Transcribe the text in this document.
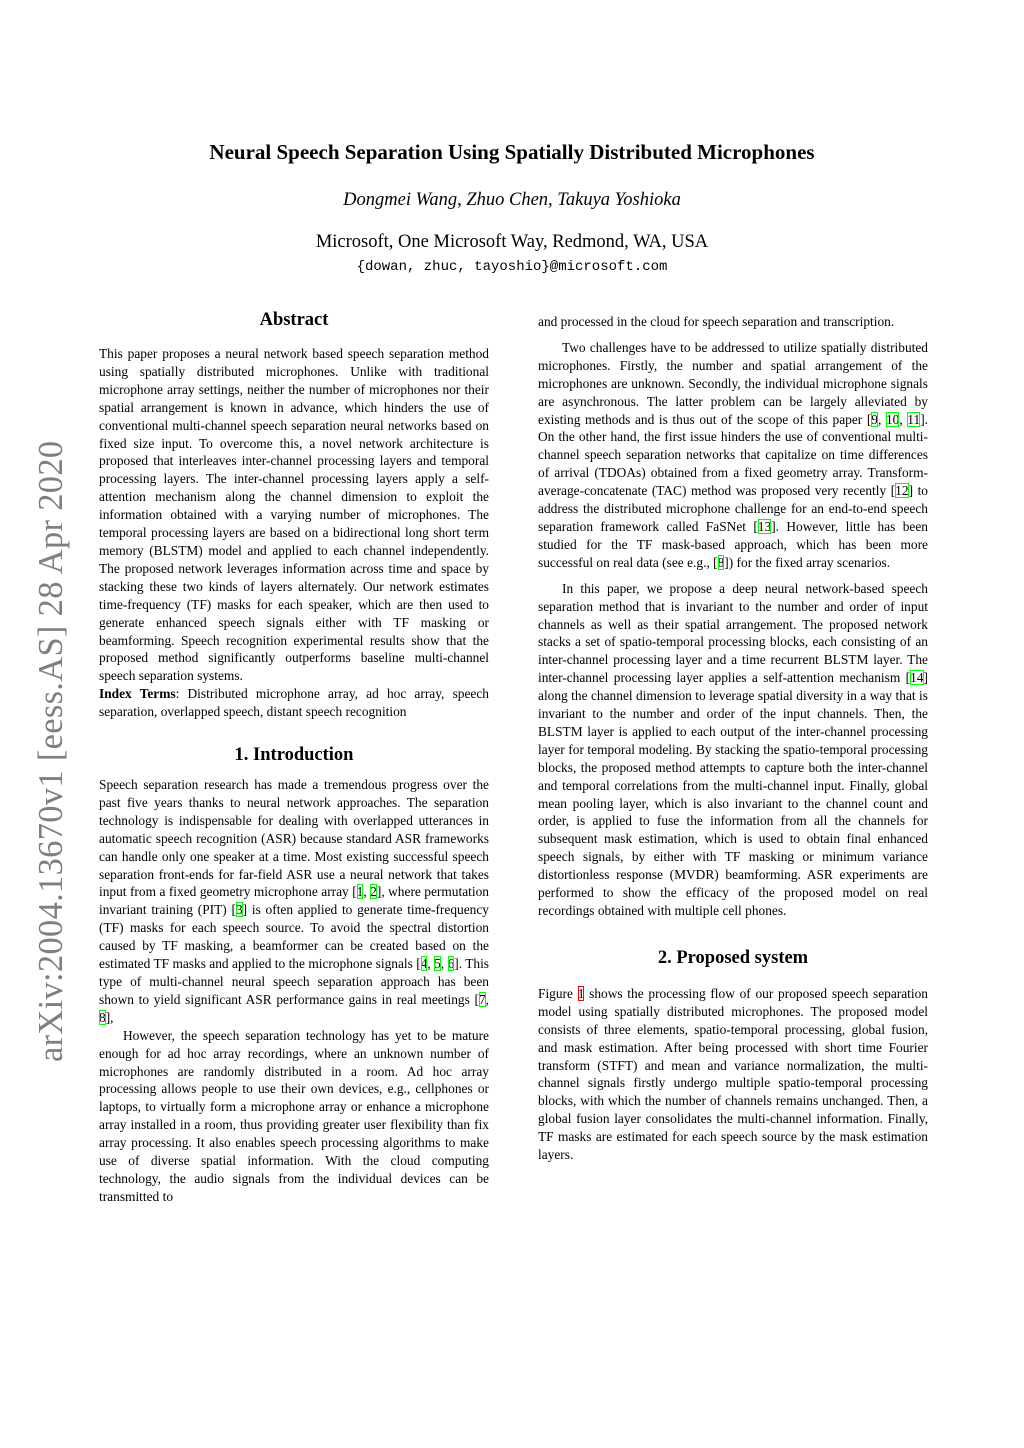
arXiv:2004.13670v1 [eess.AS] 28 Apr 2020
Neural Speech Separation Using Spatially Distributed Microphones
Dongmei Wang, Zhuo Chen, Takuya Yoshioka
Microsoft, One Microsoft Way, Redmond, WA, USA
{dowan, zhuc, tayoshio}@microsoft.com
Abstract

This paper proposes a neural network based speech separation method using spatially distributed microphones. Unlike with traditional microphone array settings, neither the number of microphones nor their spatial arrangement is known in advance, which hinders the use of conventional multi-channel speech separation neural networks based on fixed size input. To overcome this, a novel network architecture is proposed that interleaves inter-channel processing layers and temporal processing layers. The inter-channel processing layers apply a self-attention mechanism along the channel dimension to exploit the information obtained with a varying number of microphones. The temporal processing layers are based on a bidirectional long short term memory (BLSTM) model and applied to each channel independently. The proposed network leverages information across time and space by stacking these two kinds of layers alternately. Our network estimates time-frequency (TF) masks for each speaker, which are then used to generate enhanced speech signals either with TF masking or beamforming. Speech recognition experimental results show that the proposed method significantly outperforms baseline multi-channel speech separation systems.

Index Terms: Distributed microphone array, ad hoc array, speech separation, overlapped speech, distant speech recognition

1. Introduction

Speech separation research has made a tremendous progress over the past five years thanks to neural network approaches. The separation technology is indispensable for dealing with overlapped utterances in automatic speech recognition (ASR) because standard ASR frameworks can handle only one speaker at a time. Most existing successful speech separation front-ends for far-field ASR use a neural network that takes input from a fixed geometry microphone array [1, 2], where permutation invariant training (PIT) [3] is often applied to generate time-frequency (TF) masks for each speech source. To avoid the spectral distortion caused by TF masking, a beamformer can be created based on the estimated TF masks and applied to the microphone signals [4, 5, 6]. This type of multi-channel neural speech separation approach has been shown to yield significant ASR performance gains in real meetings [7, 8],

However, the speech separation technology has yet to be mature enough for ad hoc array recordings, where an unknown number of microphones are randomly distributed in a room. Ad hoc array processing allows people to use their own devices, e.g., cellphones or laptops, to virtually form a microphone array or enhance a microphone array installed in a room, thus providing greater user flexibility than fix array processing. It also enables speech processing algorithms to make use of diverse spatial information. With the cloud computing technology, the audio signals from the individual devices can be transmitted to

and processed in the cloud for speech separation and transcription.

Two challenges have to be addressed to utilize spatially distributed microphones. Firstly, the number and spatial arrangement of the microphones are unknown. Secondly, the individual microphone signals are asynchronous. The latter problem can be largely alleviated by existing methods and is thus out of the scope of this paper [9, 10, 11]. On the other hand, the first issue hinders the use of conventional multi-channel speech separation networks that capitalize on time differences of arrival (TDOAs) obtained from a fixed geometry array. Transform-average-concatenate (TAC) method was proposed very recently [12] to address the distributed microphone challenge for an end-to-end speech separation framework called FaSNet [13]. However, little has been studied for the TF mask-based approach, which has been more successful on real data (see e.g., [8]) for the fixed array scenarios.

In this paper, we propose a deep neural network-based speech separation method that is invariant to the number and order of input channels as well as their spatial arrangement. The proposed network stacks a set of spatio-temporal processing blocks, each consisting of an inter-channel processing layer and a time recurrent BLSTM layer. The inter-channel processing layer applies a self-attention mechanism [14] along the channel dimension to leverage spatial diversity in a way that is invariant to the number and order of the input channels. Then, the BLSTM layer is applied to each output of the inter-channel processing layer for temporal modeling. By stacking the spatio-temporal processing blocks, the proposed method attempts to capture both the inter-channel and temporal correlations from the multi-channel input. Finally, global mean pooling layer, which is also invariant to the channel count and order, is applied to fuse the information from all the channels for subsequent mask estimation, which is used to obtain final enhanced speech signals, by either with TF masking or minimum variance distortionless response (MVDR) beamforming. ASR experiments are performed to show the efficacy of the proposed model on real recordings obtained with multiple cell phones.

2. Proposed system

Figure 1 shows the processing flow of our proposed speech separation model using spatially distributed microphones. The proposed model consists of three elements, spatio-temporal processing, global fusion, and mask estimation. After being processed with short time Fourier transform (STFT) and mean and variance normalization, the multi-channel signals firstly undergo multiple spatio-temporal processing blocks, with which the number of channels remains unchanged. Then, a global fusion layer consolidates the multi-channel information. Finally, TF masks are estimated for each speech source by the mask estimation layers.
